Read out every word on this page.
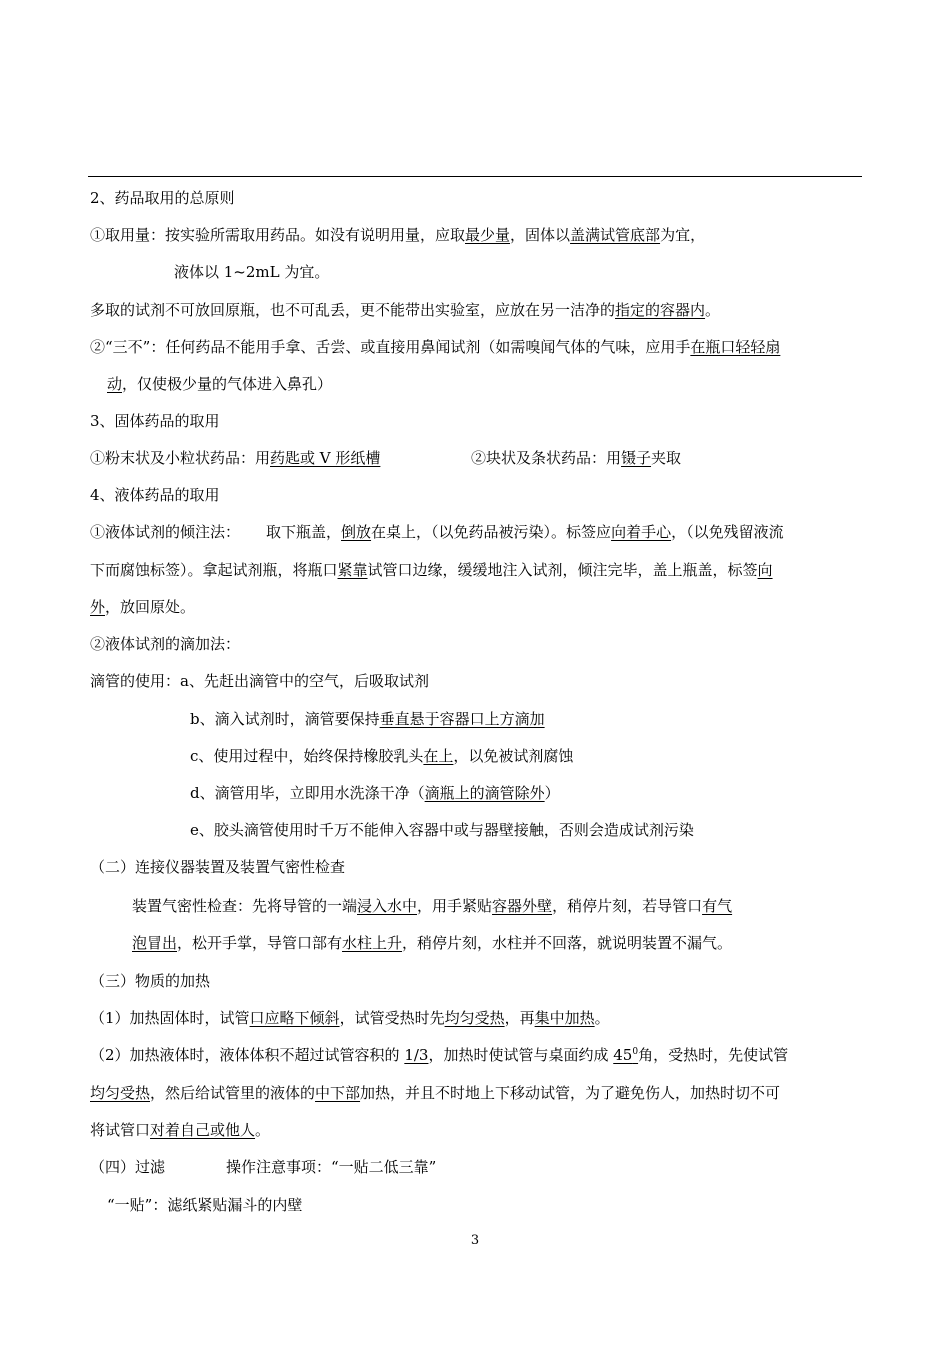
2、药品取用的总原则
①取用量：按实验所需取用药品。如没有说明用量，应取最少量，固体以盖满试管底部为宜，
液体以 1~2mL 为宜。
多取的试剂不可放回原瓶，也不可乱丢，更不能带出实验室，应放在另一洁净的指定的容器内。
②“三不”：任何药品不能用手拿、舌尝、或直接用鼻闻试剂（如需嗅闻气体的气味，应用手在瓶口轻轻扇
动，仅使极少量的气体进入鼻孔）
3、固体药品的取用
①粉末状及小粒状药品：用药匙或 V 形纸槽	②块状及条状药品：用镊子夹取
4、液体药品的取用
①液体试剂的倾注法： 取下瓶盖，倒放在桌上，（以免药品被污染）。标签应向着手心，（以免残留液流
下而腐蚀标签）。拿起试剂瓶，将瓶口紧靠试管口边缘，缓缓地注入试剂，倾注完毕，盖上瓶盖，标签向
外，放回原处。
②液体试剂的滴加法：
滴管的使用：a、先赶出滴管中的空气，后吸取试剂
b、滴入试剂时，滴管要保持垂直悬于容器口上方滴加
c、使用过程中，始终保持橡胶乳头在上，以免被试剂腐蚀
d、滴管用毕，立即用水洗涤干净（滴瓶上的滴管除外）
e、胶头滴管使用时千万不能伸入容器中或与器壁接触，否则会造成试剂污染
（二）连接仪器装置及装置气密性检查
装置气密性检查：先将导管的一端浸入水中，用手紧贴容器外壁，稍停片刻，若导管口有气
泡冒出，松开手掌，导管口部有水柱上升，稍停片刻，水柱并不回落，就说明装置不漏气。
（三）物质的加热
（1）加热固体时，试管口应略下倾斜，试管受热时先均匀受热，再集中加热。
（2）加热液体时，液体体积不超过试管容积的 1/3，加热时使试管与桌面约成 $45^0$角，受热时，先使试管
均匀受热，然后给试管里的液体的中下部加热，并且不时地上下移动试管，为了避免伤人，加热时切不可
将试管口对着自己或他人。
（四）过滤	操作注意事项：“一贴二低三靠”
“一贴”：滤纸紧贴漏斗的内壁
3
